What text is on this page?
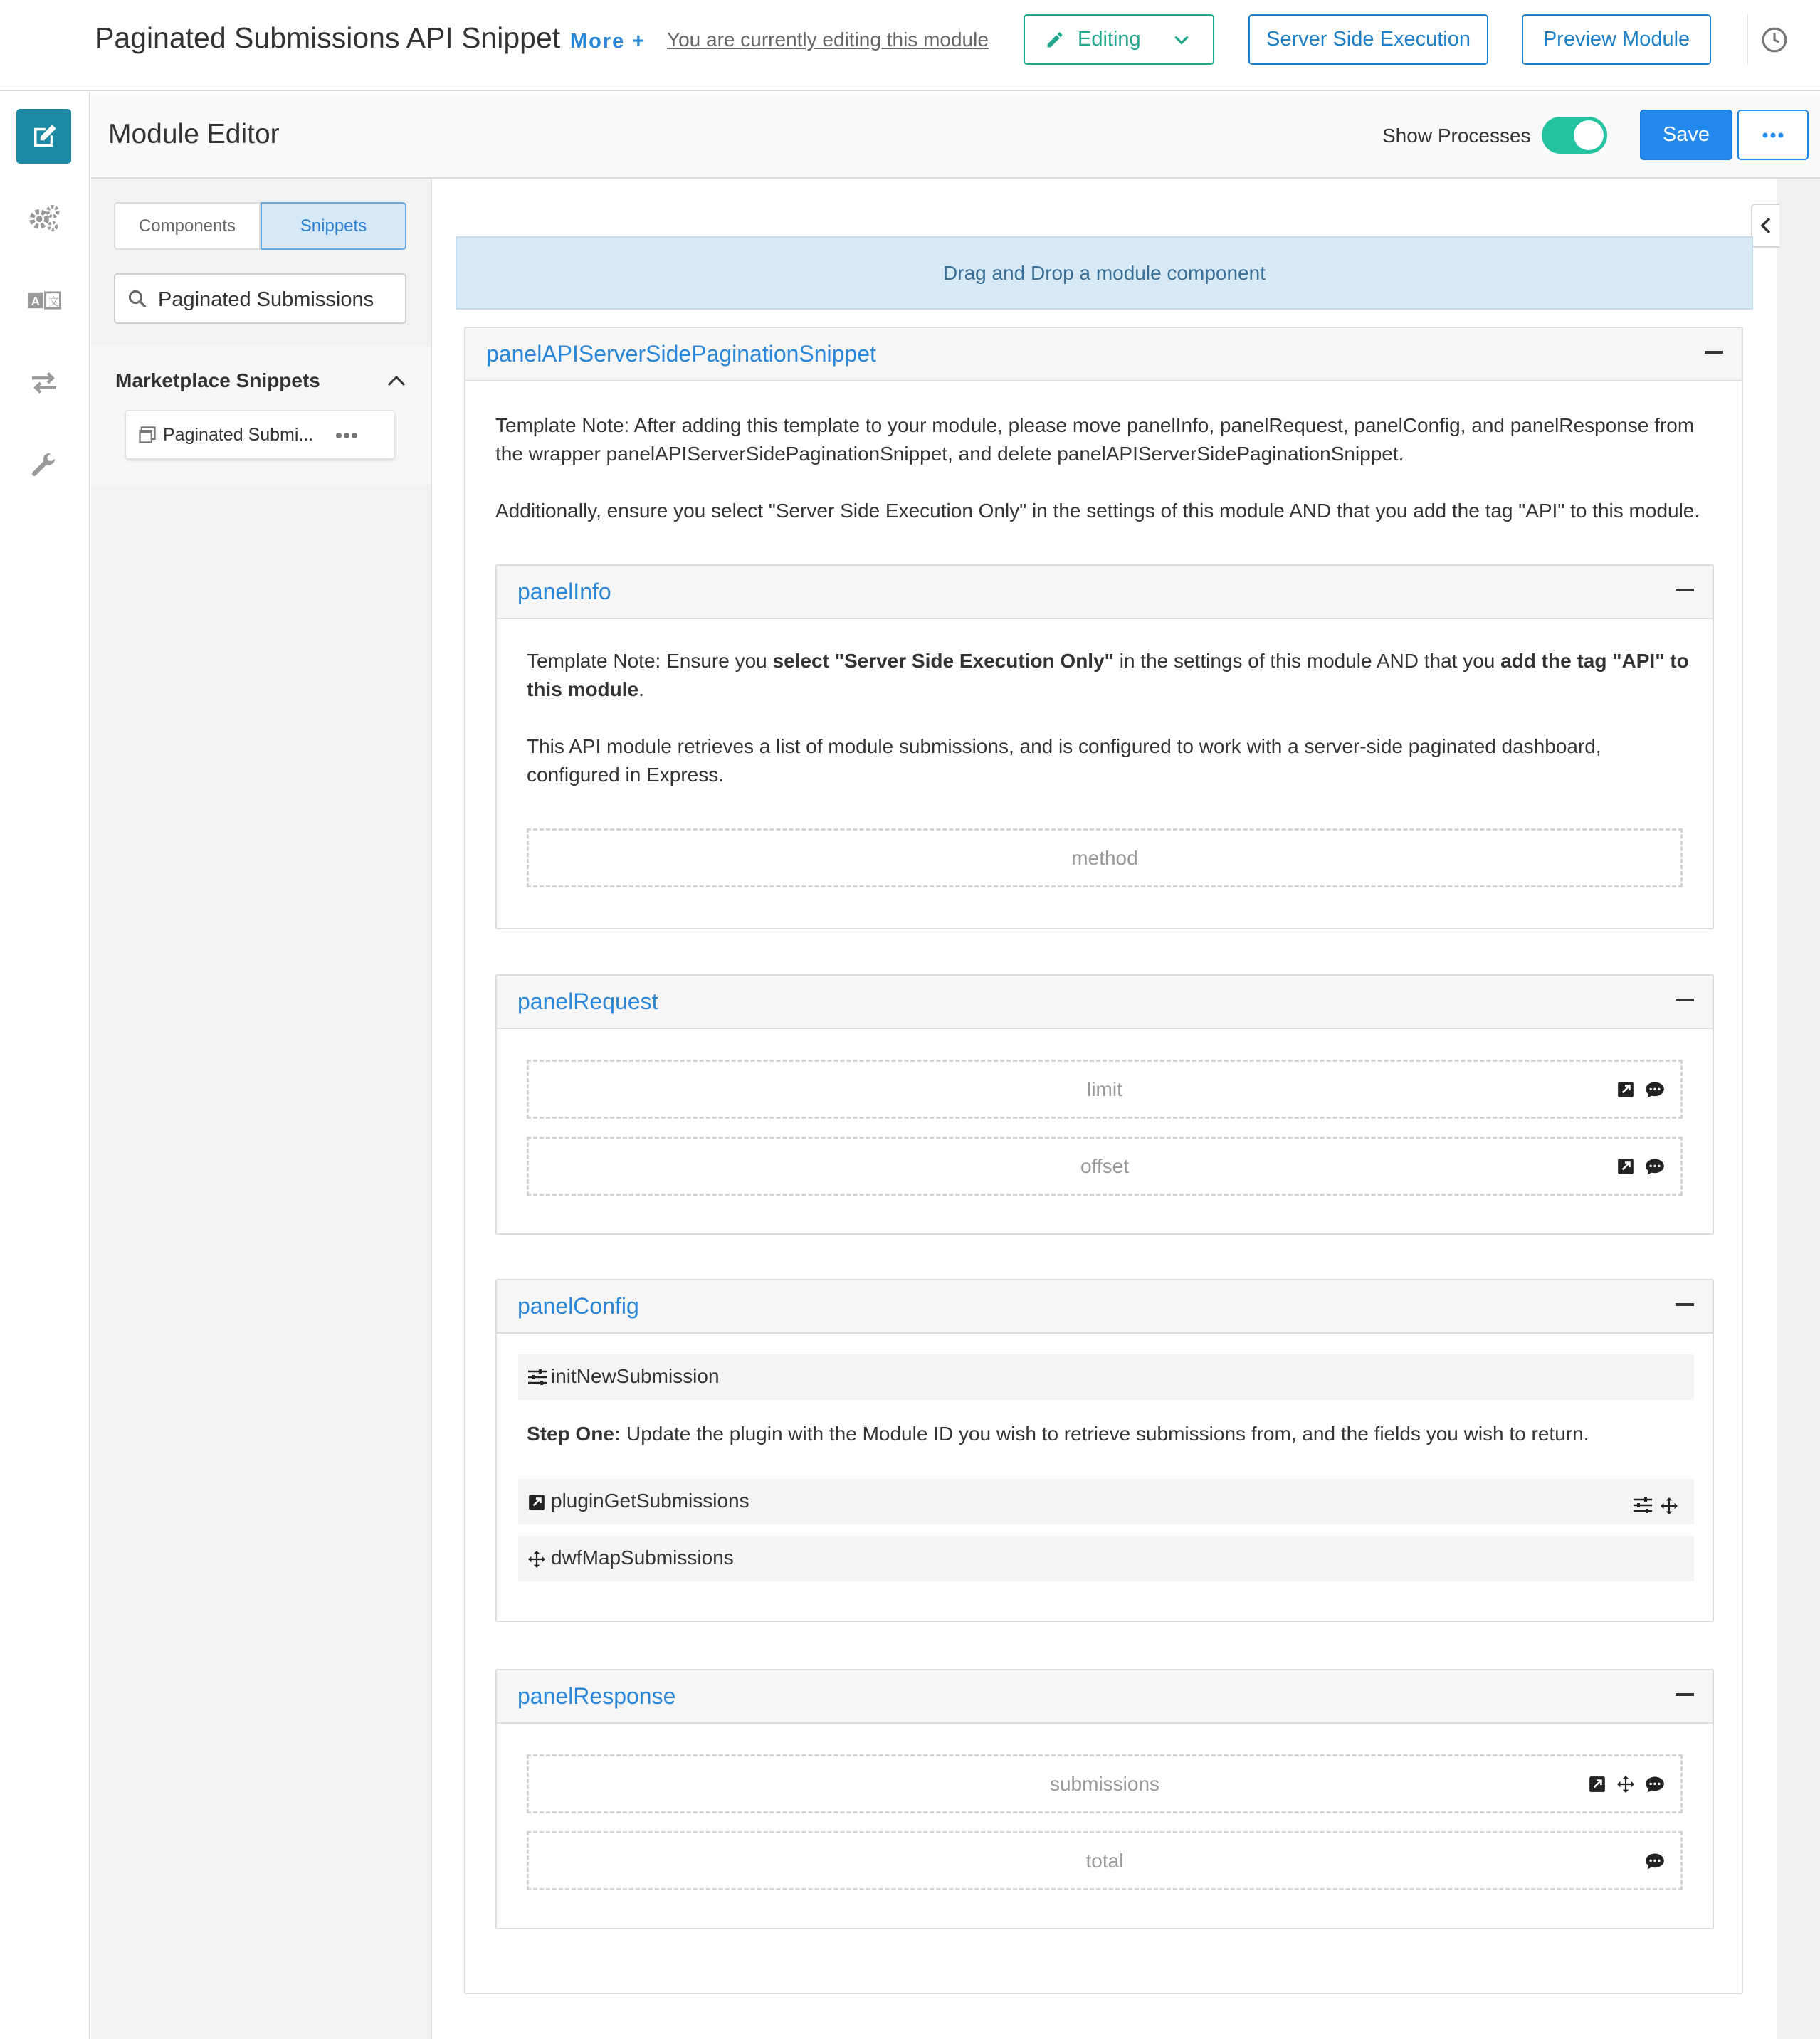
Paginated Submissions API Snippet More + You are currently editing this module	Editing	Server Side Execution	Preview Module
A 文
Module Editor	Show Processes	Save
Components	Snippets
Paginated Submissions
Marketplace Snippets
Paginated Submi...
Drag and Drop a module component
panelAPIServerSidePaginationSnippet
Template Note: After adding this template to your module, please move panelInfo, panelRequest, panelConfig, and panelResponse from the wrapper panelAPIServerSidePaginationSnippet, and delete panelAPIServerSidePaginationSnippet.
Additionally, ensure you select "Server Side Execution Only" in the settings of this module AND that you add the tag "API" to this module.
panelInfo
Template Note: Ensure you select "Server Side Execution Only" in the settings of this module AND that you add the tag "API" to this module.
This API module retrieves a list of module submissions, and is configured to work with a server-side paginated dashboard, configured in Express.
method
panelRequest
limit
offset
panelConfig
initNewSubmission
Step One: Update the plugin with the Module ID you wish to retrieve submissions from, and the fields you wish to return.
pluginGetSubmissions
dwfMapSubmissions
panelResponse
submissions
total
